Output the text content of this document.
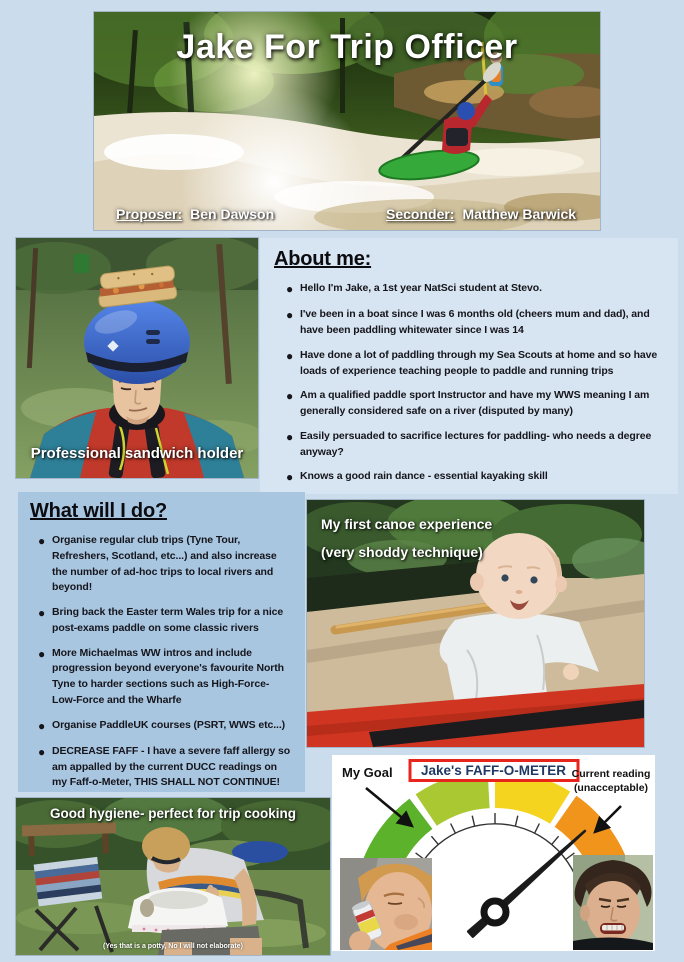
Jake For Trip Officer
Proposer: Ben Dawson	Seconder: Matthew Barwick
Professional sandwich holder
About me:
● Hello I'm Jake, a 1st year NatSci student at Stevo.
● I've been in a boat since I was 6 months old (cheers mum and dad), and have been paddling whitewater since I was 14
● Have done a lot of paddling through my Sea Scouts at home and so have loads of experience teaching people to paddle and running trips
● Am a qualified paddle sport Instructor and have my WWS meaning I am generally considered safe on a river (disputed by many)
● Easily persuaded to sacrifice lectures for paddling- who needs a degree anyway?
● Knows a good rain dance - essential kayaking skill
What will I do?
● Organise regular club trips (Tyne Tour, Refreshers, Scotland, etc...) and also increase the number of ad-hoc trips to local rivers and beyond!
● Bring back the Easter term Wales trip for a nice post-exams paddle on some classic rivers
● More Michaelmas WW intros and include progression beyond everyone's favourite North Tyne to harder sections such as High-Force-Low-Force and the Wharfe
● Organise PaddleUK courses (PSRT, WWS etc...)
● DECREASE FAFF - I have a severe faff allergy so am appalled by the current DUCC readings on my Faff-o-Meter, THIS SHALL NOT CONTINUE!
My first canoe experience
(very shoddy technique)
Jake's FAFF-O-METER
My Goal	Current reading
(unacceptable)
Good hygiene- perfect for trip cooking
(Yes that is a potty, No I will not elaborate)
